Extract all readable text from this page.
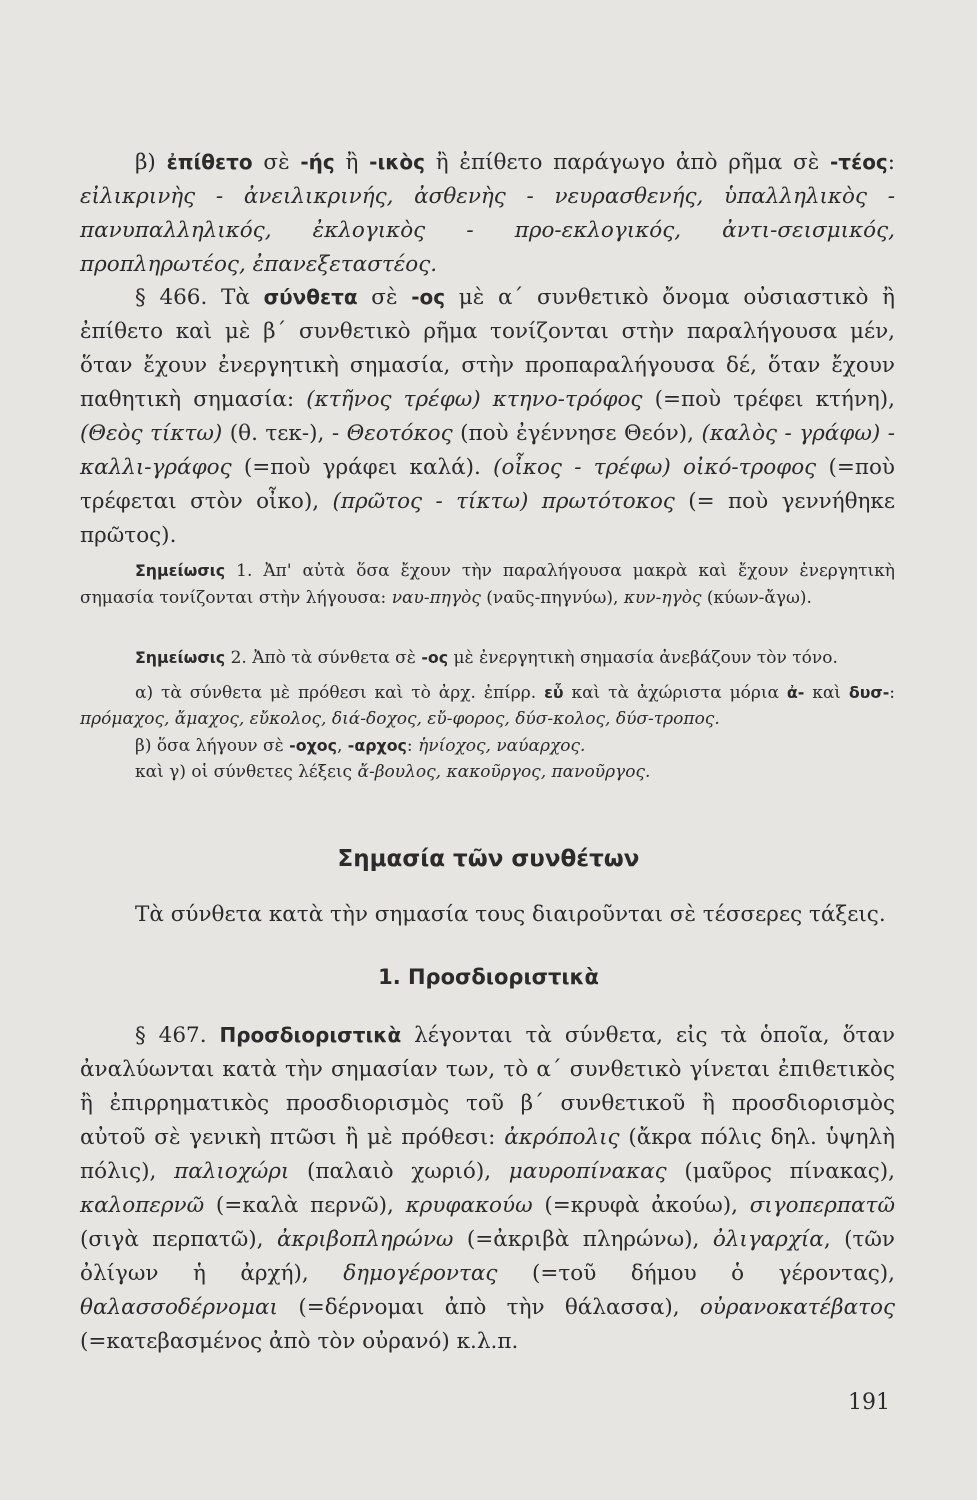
β) ἐπίθετο σὲ -ής ἢ -ικὸς ἢ ἐπίθετο παράγωγο ἀπὸ ρῆμα σὲ -τέος: εἰλικρινὴς - ἀνειλικρινής, ἀσθενὴς - νευρασθενής, ὑπαλληλικὸς - πανυπαλληλικός, ἐκλογικὸς - προ-εκλογικός, ἀντι-σεισμικός, προπληρωτέος, ἐπανεξεταστέος.

§ 466. Τὰ σύνθετα σὲ -ος μὲ α΄ συνθετικὸ ὄνομα οὐσιαστικὸ ἢ ἐπίθετο καὶ μὲ β΄ συνθετικὸ ρῆμα τονίζονται στὴν παραλήγουσα μέν, ὅταν ἔχουν ἐνεργητικὴ σημασία, στὴν προπαραλήγουσα δέ, ὅταν ἔχουν παθητικὴ σημασία: (κτῆνος τρέφω) κτηνο-τρόφος (=ποὺ τρέφει κτήνη), (Θεὸς τίκτω) (θ. τεκ-), - Θεοτόκος (ποὺ ἐγέννησε Θεόν), (καλὸς - γράφω) - καλλι-γράφος (=ποὺ γράφει καλά). (οἶκος - τρέφω) οἰκό-τροφος (=ποὺ τρέφεται στὸν οἶκο), (πρῶτος - τίκτω) πρωτότοκος (= ποὺ γεννήθηκε πρῶτος).

Σημείωσις 1. Ἀπ' αὐτὰ ὅσα ἔχουν τὴν παραλήγουσα μακρὰ καὶ ἔχουν ἐνεργητικὴ σημασία τονίζονται στὴν λήγουσα: ναυ-πηγὸς (ναῦς-πηγνύω), κυν-ηγὸς (κύων-ἄγω).

Σημείωσις 2. Ἀπὸ τὰ σύνθετα σὲ -ος μὲ ἐνεργητικὴ σημασία ἀνεβάζουν τὸν τόνο.

α) τὰ σύνθετα μὲ πρόθεσι καὶ τὸ ἀρχ. ἐπίρρ. εὖ καὶ τὰ ἀχώριστα μόρια ἀ- καὶ δυσ-: πρόμαχος, ἄμαχος, εὔκολος, διά-δοχος, εὔ-φορος, δύσ-κολος, δύσ-τροπος.

β) ὅσα λήγουν σὲ -οχος, -αρχος: ἡνίοχος, ναύαρχος.

καὶ γ) οἱ σύνθετες λέξεις ἄ-βουλος, κακοῦργος, πανοῦργος.

Σημασία τῶν συνθέτων

Τὰ σύνθετα κατὰ τὴν σημασία τους διαιροῦνται σὲ τέσσερες τάξεις.

1. Προσδιοριστικὰ

§ 467. Προσδιοριστικὰ λέγονται τὰ σύνθετα, εἰς τὰ ὁποῖα, ὅταν ἀναλύωνται κατὰ τὴν σημασίαν των, τὸ α΄ συνθετικὸ γίνεται ἐπιθετικὸς ἢ ἐπιρρηματικὸς προσδιορισμὸς τοῦ β΄ συνθετικοῦ ἢ προσδιορισμὸς αὐτοῦ σὲ γενικὴ πτῶσι ἢ μὲ πρόθεσι: ἀκρόπολις (ἄκρα πόλις δηλ. ὑψηλὴ πόλις), παλιοχώρι (παλαιὸ χωριό), μαυροπίνακας (μαῦρος πίνακας), καλοπερνῶ (=καλὰ περνῶ), κρυφακούω (=κρυφὰ ἀκούω), σιγοπερπατῶ (σιγὰ περπατῶ), ἀκριβοπληρώνω (=ἀκριβὰ πληρώνω), ὀλιγαρχία, (τῶν ὀλίγων ἡ ἀρχή), δημογέροντας (=τοῦ δήμου ὁ γέροντας), θαλασσοδέρνομαι (=δέρνομαι ἀπὸ τὴν θάλασσα), οὐρανοκατέβατος (=κατεβασμένος ἀπὸ τὸν οὐρανό) κ.λ.π.

191
